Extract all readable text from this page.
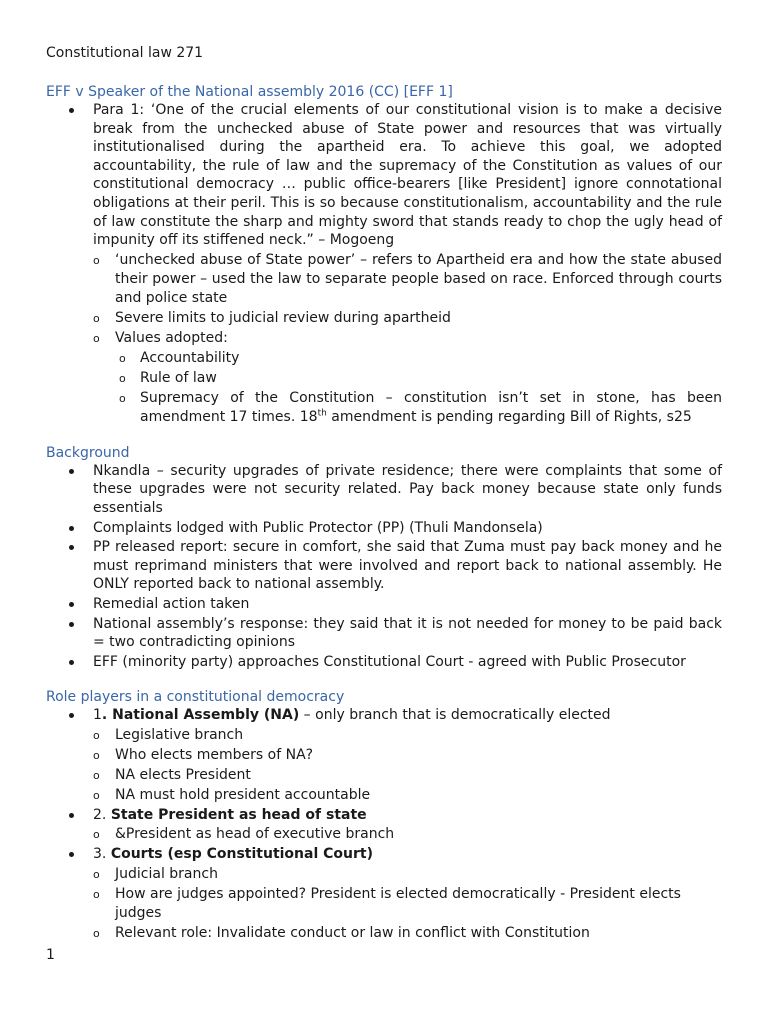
Constitutional law 271

EFF v Speaker of the National assembly 2016 (CC) [EFF 1]

Para 1: ‘One of the crucial elements of our constitutional vision is to make a decisive break from the unchecked abuse of State power and resources that was virtually institutionalised during the apartheid era. To achieve this goal, we adopted accountability, the rule of law and the supremacy of the Constitution as values of our constitutional democracy … public office-bearers [like President] ignore connotational obligations at their peril. This is so because constitutionalism, accountability and the rule of law constitute the sharp and mighty sword that stands ready to chop the ugly head of impunity off its stiffened neck.” – Mogoeng
o ‘unchecked abuse of State power’ – refers to Apartheid era and how the state abused their power – used the law to separate people based on race. Enforced through courts and police state
o Severe limits to judicial review during apartheid
o Values adopted:
o Accountability
o Rule of law
o Supremacy of the Constitution – constitution isn’t set in stone, has been amendment 17 times. 18th amendment is pending regarding Bill of Rights, s25

Background

Nkandla – security upgrades of private residence; there were complaints that some of these upgrades were not security related. Pay back money because state only funds essentials
Complaints lodged with Public Protector (PP) (Thuli Mandonsela)
PP released report: secure in comfort, she said that Zuma must pay back money and he must reprimand ministers that were involved and report back to national assembly. He ONLY reported back to national assembly.
Remedial action taken
National assembly’s response: they said that it is not needed for money to be paid back = two contradicting opinions
EFF (minority party) approaches Constitutional Court - agreed with Public Prosecutor

Role players in a constitutional democracy

1. National Assembly (NA) – only branch that is democratically elected
o Legislative branch
o Who elects members of NA?
o NA elects President
o NA must hold president accountable
2. State President as head of state
o &President as head of executive branch
3. Courts (esp Constitutional Court)
o Judicial branch
o How are judges appointed? President is elected democratically - President elects judges
o Relevant role: Invalidate conduct or law in conflict with Constitution
1
